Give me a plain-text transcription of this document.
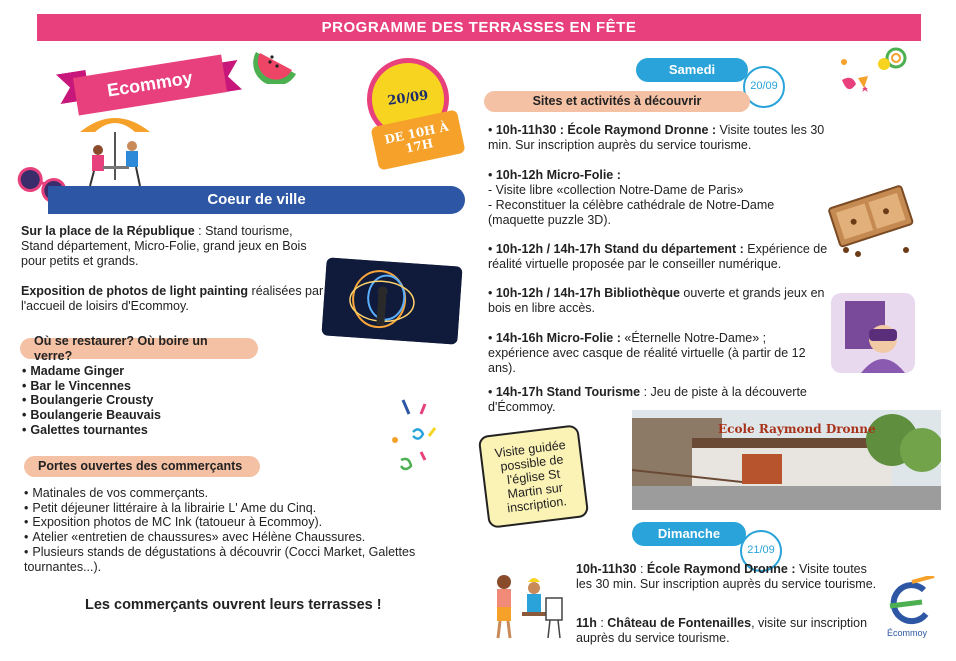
PROGRAMME DES TERRASSES EN FÊTE
Ecommoy	20/09
DE 10H À 17H
Coeur de ville
Sur la place de la République : Stand tourisme, Stand département, Micro-Folie, grand jeux en Bois pour petits et grands.
Exposition de photos de light painting réalisées par l'accueil de loisirs d'Ecommoy.
Où se restaurer? Où boire un verre?
• Madame Ginger
• Bar le Vincennes
• Boulangerie Crousty
• Boulangerie Beauvais
• Galettes tournantes
Portes ouvertes des commerçants
• Matinales de vos commerçants.
• Petit déjeuner littéraire à la librairie L' Ame du Cinq.
• Exposition photos de MC Ink (tatoueur à Ecommoy).
• Atelier «entretien de chaussures» avec Hélène Chaussures.
• Plusieurs stands de dégustations à découvrir (Cocci Market, Galettes tournantes...).
Les commerçants ouvrent leurs terrasses !
Samedi
20/09
Sites et activités à découvrir
• 10h-11h30 : École Raymond Dronne : Visite toutes les 30 min. Sur inscription auprès du service tourisme.
• 10h-12h Micro-Folie :
- Visite libre «collection Notre-Dame de Paris»
- Reconstituer la célèbre cathédrale de Notre-Dame (maquette puzzle 3D).
• 10h-12h / 14h-17h Stand du département : Expérience de réalité virtuelle proposée par le conseiller numérique.
• 10h-12h / 14h-17h Bibliothèque ouverte et grands jeux en bois en libre accès.
• 14h-16h Micro-Folie : «Éternelle Notre-Dame» ; expérience avec casque de réalité virtuelle (à partir de 12 ans).
• 14h-17h Stand Tourisme : Jeu de piste à la découverte d'Écommoy.
Ecole Raymond Dronne
Visite guidée possible de l'église St Martin sur inscription.
Dimanche
21/09
10h-11h30 : École Raymond Dronne : Visite toutes les 30 min. Sur inscription auprès du service tourisme.
11h : Château de Fontenailles, visite sur inscription auprès du service tourisme.	Écommoy
